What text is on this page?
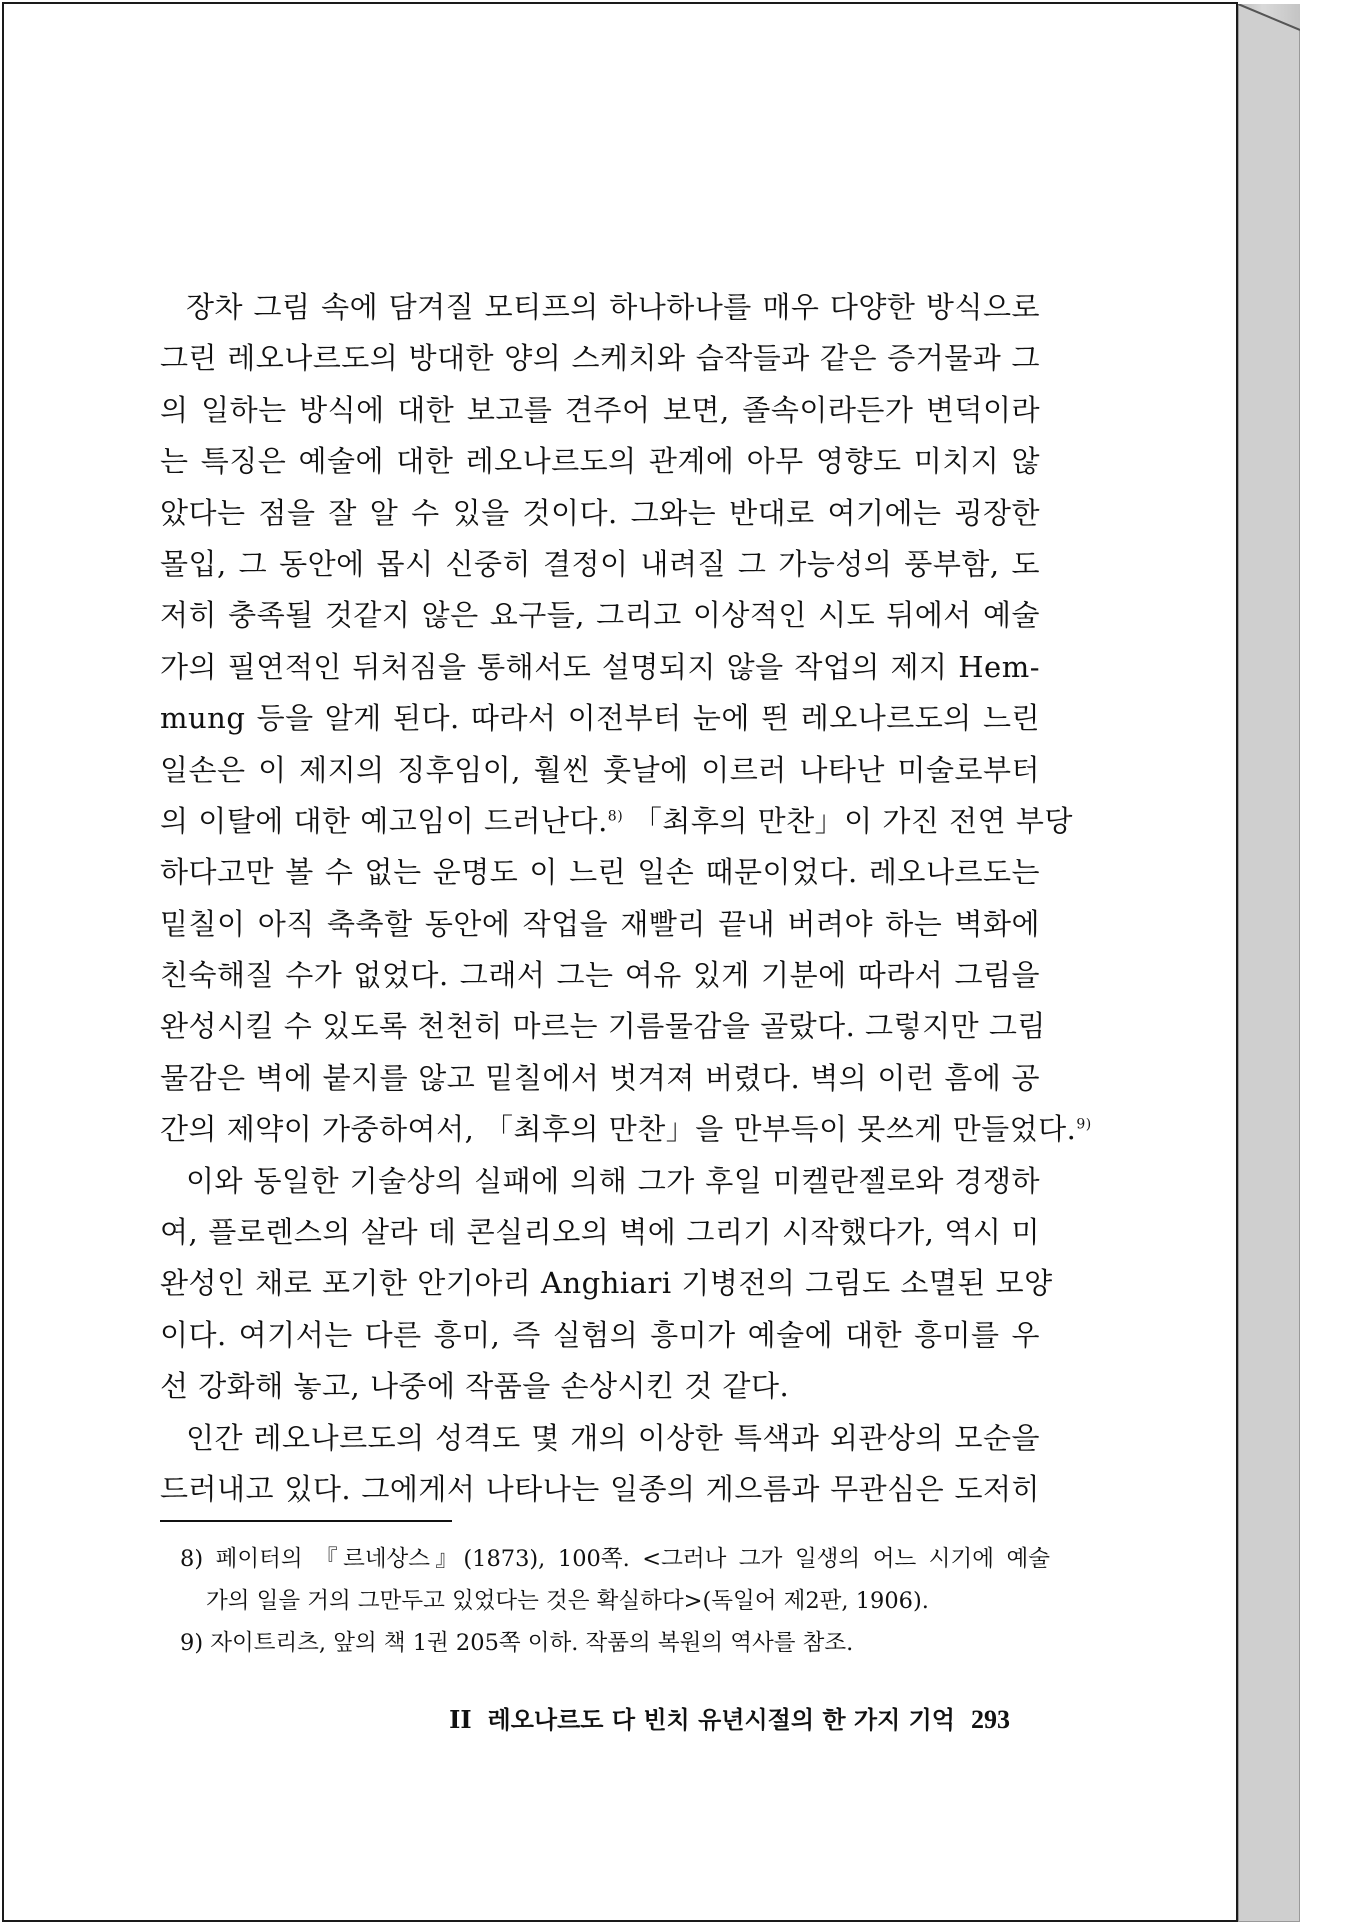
장차 그림 속에 담겨질 모티프의 하나하나를 매우 다양한 방식으로
그린 레오나르도의 방대한 양의 스케치와 습작들과 같은 증거물과 그
의 일하는 방식에 대한 보고를 견주어 보면, 졸속이라든가 변덕이라
는 특징은 예술에 대한 레오나르도의 관계에 아무 영향도 미치지 않
았다는 점을 잘 알 수 있을 것이다. 그와는 반대로 여기에는 굉장한
몰입, 그 동안에 몹시 신중히 결정이 내려질 그 가능성의 풍부함, 도
저히 충족될 것같지 않은 요구들, 그리고 이상적인 시도 뒤에서 예술
가의 필연적인 뒤처짐을 통해서도 설명되지 않을 작업의 제지 Hem-
mung 등을 알게 된다. 따라서 이전부터 눈에 띈 레오나르도의 느린
일손은 이 제지의 징후임이, 훨씬 훗날에 이르러 나타난 미술로부터
의 이탈에 대한 예고임이 드러난다.$^{8)}$ 「최후의 만찬」이 가진 전연 부당
하다고만 볼 수 없는 운명도 이 느린 일손 때문이었다. 레오나르도는
밑칠이 아직 축축할 동안에 작업을 재빨리 끝내 버려야 하는 벽화에
친숙해질 수가 없었다. 그래서 그는 여유 있게 기분에 따라서 그림을
완성시킬 수 있도록 천천히 마르는 기름물감을 골랐다. 그렇지만 그림
물감은 벽에 붙지를 않고 밑칠에서 벗겨져 버렸다. 벽의 이런 흠에 공
간의 제약이 가중하여서, 「최후의 만찬」을 만부득이 못쓰게 만들었다.$^{9)}$
이와 동일한 기술상의 실패에 의해 그가 후일 미켈란젤로와 경쟁하
여, 플로렌스의 살라 데 콘실리오의 벽에 그리기 시작했다가, 역시 미
완성인 채로 포기한 안기아리 Anghiari 기병전의 그림도 소멸된 모양
이다. 여기서는 다른 흥미, 즉 실험의 흥미가 예술에 대한 흥미를 우
선 강화해 놓고, 나중에 작품을 손상시킨 것 같다.
인간 레오나르도의 성격도 몇 개의 이상한 특색과 외관상의 모순을
드러내고 있다. 그에게서 나타나는 일종의 게으름과 무관심은 도저히
8) 페이터의 『르네상스』(1873), 100쪽. <그러나 그가 일생의 어느 시기에 예술
가의 일을 거의 그만두고 있었다는 것은 확실하다>(독일어 제2판, 1906).
9) 자이트리츠, 앞의 책 1권 205쪽 이하. 작품의 복원의 역사를 참조.
II 레오나르도 다 빈치 유년시절의 한 가지 기억 293
